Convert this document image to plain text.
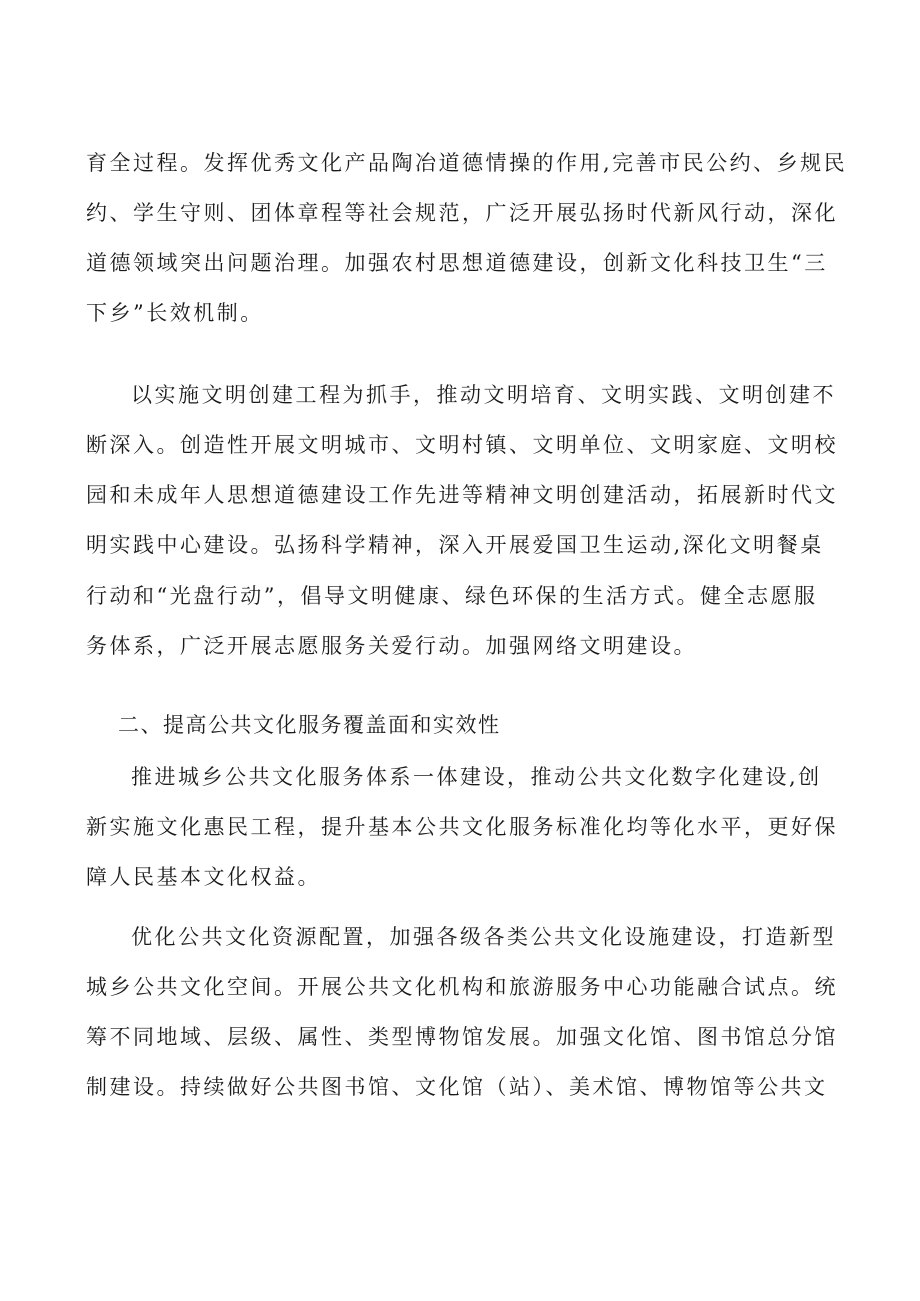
育全过程。发挥优秀文化产品陶冶道德情操的作用,完善市民公约、乡规民

约、学生守则、团体章程等社会规范，广泛开展弘扬时代新风行动，深化

道德领域突出问题治理。加强农村思想道德建设，创新文化科技卫生“三

下乡”长效机制。

以实施文明创建工程为抓手，推动文明培育、文明实践、文明创建不

断深入。创造性开展文明城市、文明村镇、文明单位、文明家庭、文明校

园和未成年人思想道德建设工作先进等精神文明创建活动，拓展新时代文

明实践中心建设。弘扬科学精神，深入开展爱国卫生运动,深化文明餐桌

行动和“光盘行动”，倡导文明健康、绿色环保的生活方式。健全志愿服

务体系，广泛开展志愿服务关爱行动。加强网络文明建设。

二、提高公共文化服务覆盖面和实效性

推进城乡公共文化服务体系一体建设，推动公共文化数字化建设,创

新实施文化惠民工程，提升基本公共文化服务标准化均等化水平，更好保

障人民基本文化权益。

优化公共文化资源配置，加强各级各类公共文化设施建设，打造新型

城乡公共文化空间。开展公共文化机构和旅游服务中心功能融合试点。统

筹不同地域、层级、属性、类型博物馆发展。加强文化馆、图书馆总分馆

制建设。持续做好公共图书馆、文化馆（站）、美术馆、博物馆等公共文
